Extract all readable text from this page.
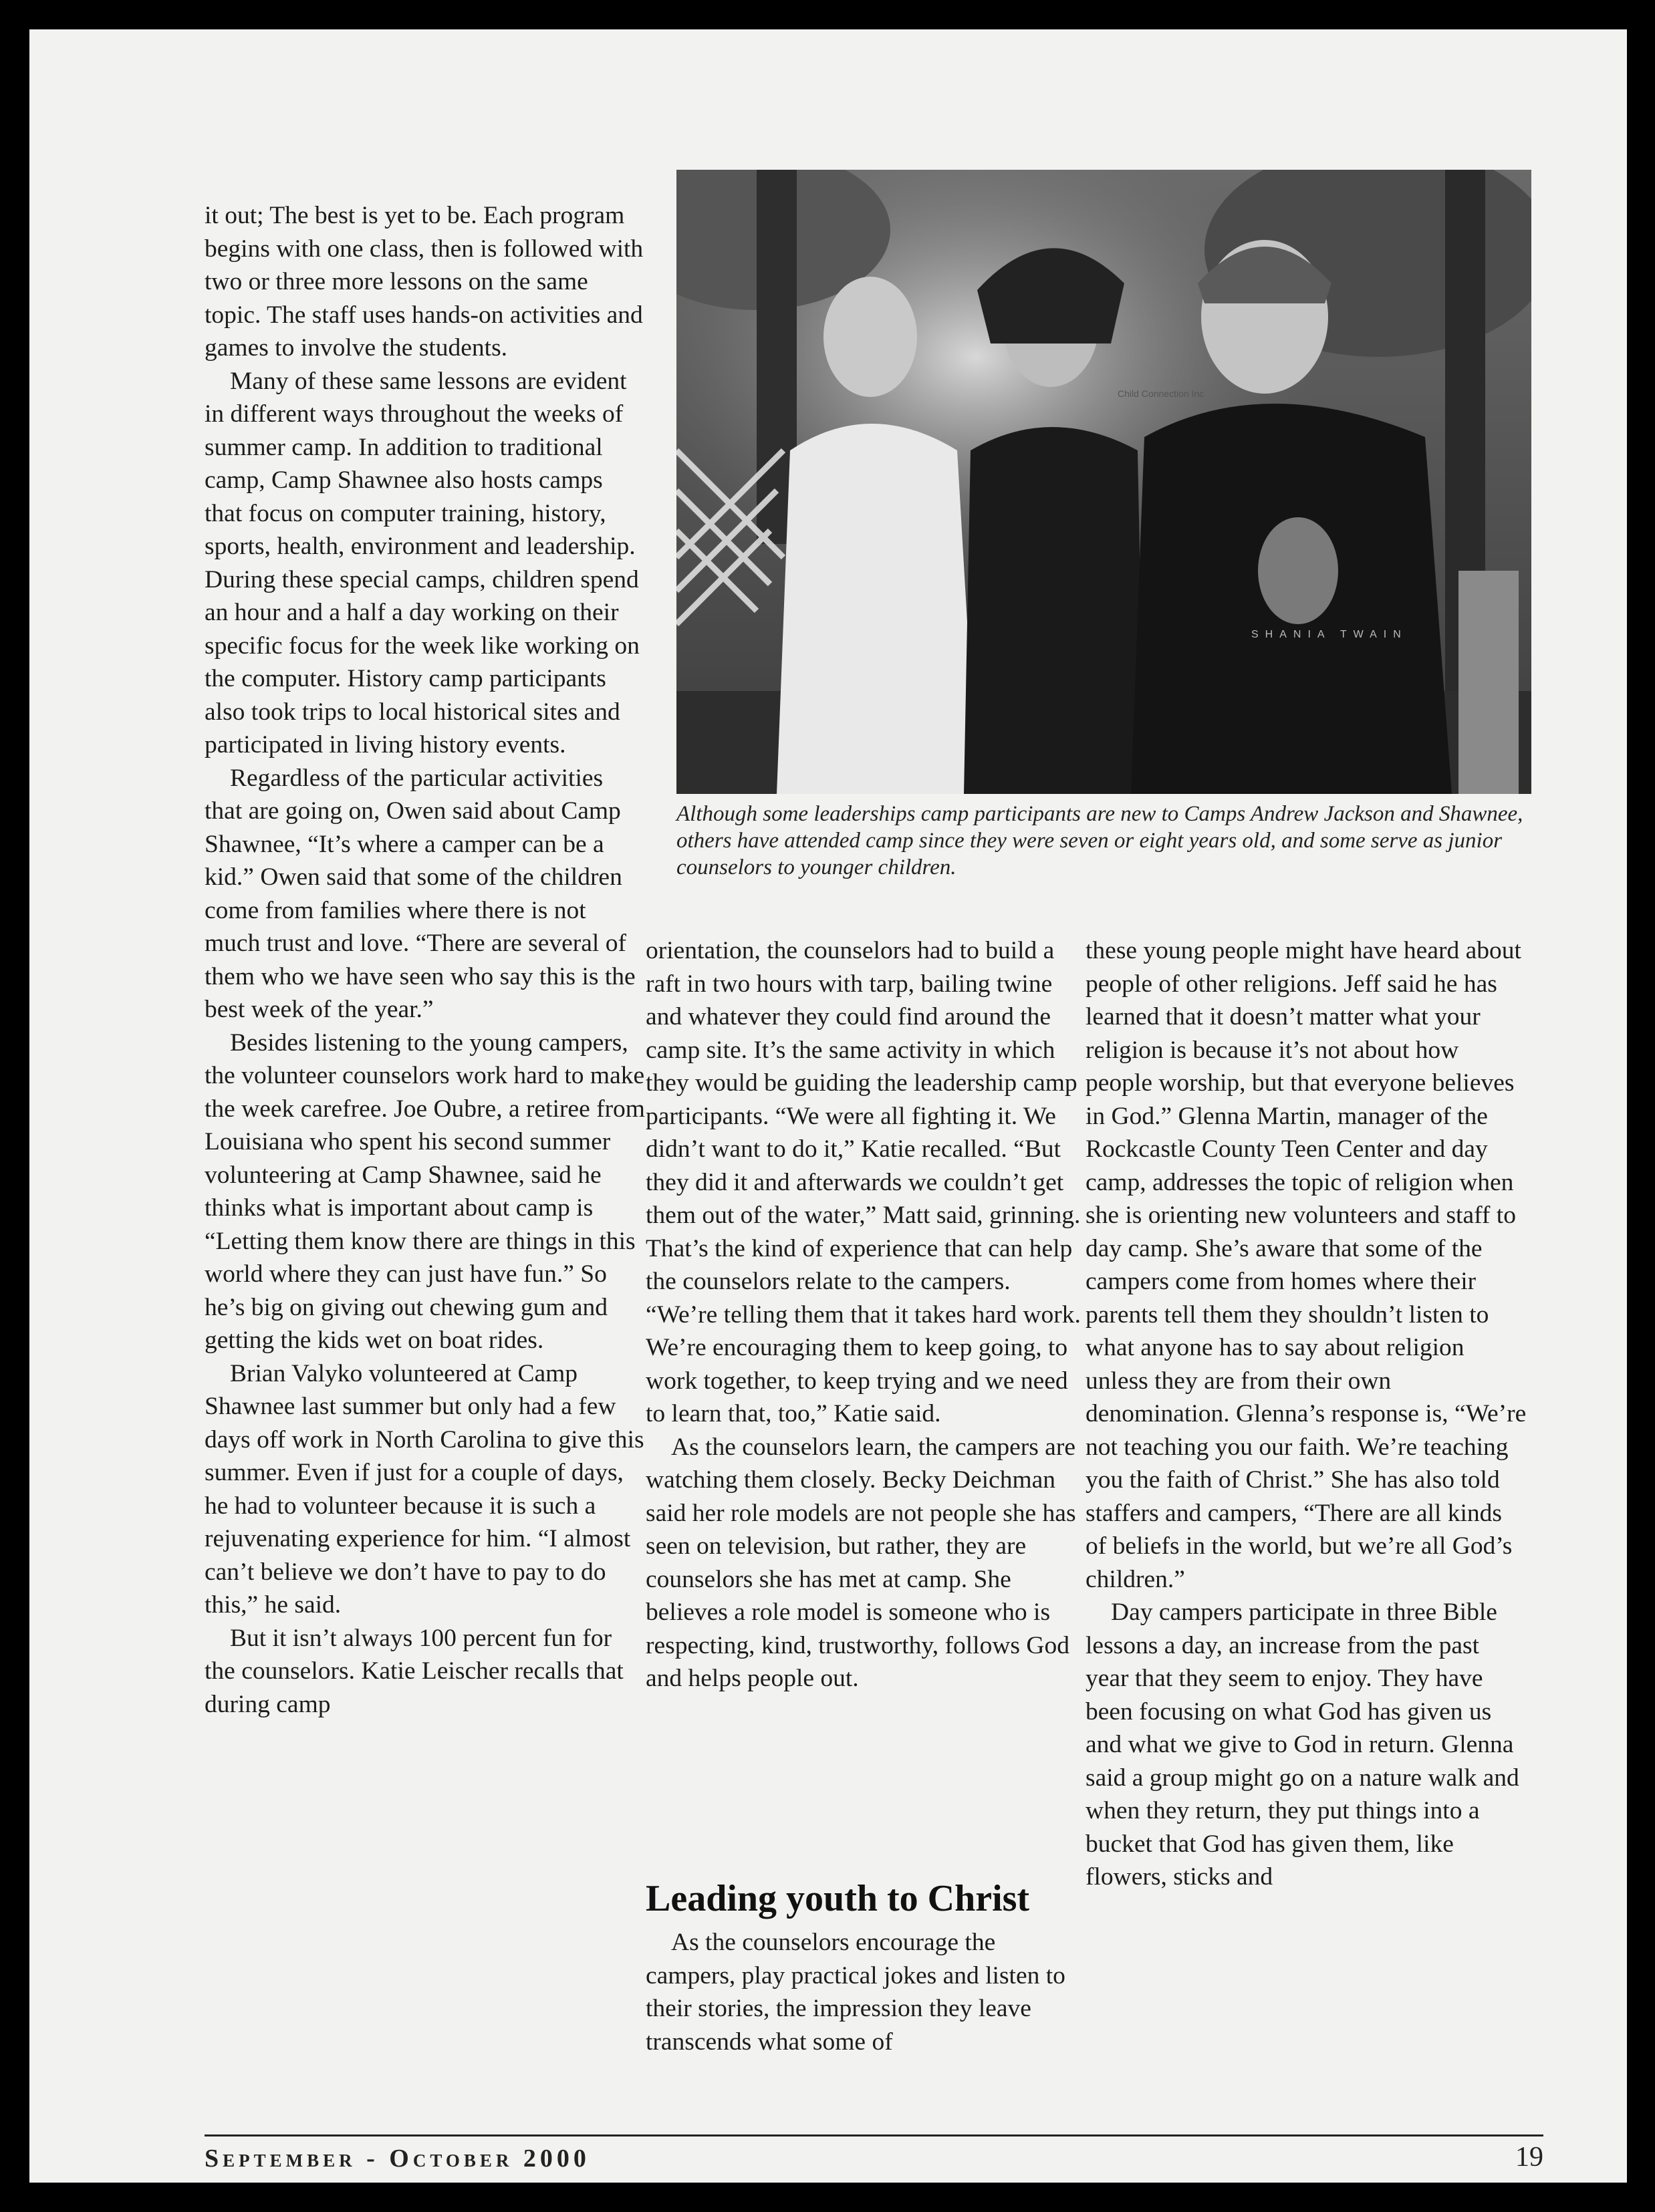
it out; The best is yet to be. Each program begins with one class, then is followed with two or three more lessons on the same topic. The staff uses hands-on activities and games to involve the students.

Many of these same lessons are evident in different ways throughout the weeks of summer camp. In addition to traditional camp, Camp Shawnee also hosts camps that focus on computer training, history, sports, health, environment and leadership. During these special camps, children spend an hour and a half a day working on their specific focus for the week like working on the computer. History camp participants also took trips to local historical sites and participated in living history events.

Regardless of the particular activities that are going on, Owen said about Camp Shawnee, “It’s where a camper can be a kid.” Owen said that some of the children come from families where there is not much trust and love. “There are several of them who we have seen who say this is the best week of the year.”

Besides listening to the young campers, the volunteer counselors work hard to make the week carefree. Joe Oubre, a retiree from Louisiana who spent his second summer volunteering at Camp Shawnee, said he thinks what is important about camp is “Letting them know there are things in this world where they can just have fun.” So he’s big on giving out chewing gum and getting the kids wet on boat rides.

Brian Valyko volunteered at Camp Shawnee last summer but only had a few days off work in North Carolina to give this summer. Even if just for a couple of days, he had to volunteer because it is such a rejuvenating experience for him. “I almost can’t believe we don’t have to pay to do this,” he said.

But it isn’t always 100 percent fun for the counselors. Katie Leischer recalls that during camp

Child Connection Inc
SHANIA TWAIN
Although some leaderships camp participants are new to Camps Andrew Jackson and Shawnee, others have attended camp since they were seven or eight years old, and some serve as junior counselors to younger children.

orientation, the counselors had to build a raft in two hours with tarp, bailing twine and whatever they could find around the camp site. It’s the same activity in which they would be guiding the leadership camp participants. “We were all fighting it. We didn’t want to do it,” Katie recalled. “But they did it and afterwards we couldn’t get them out of the water,” Matt said, grinning. That’s the kind of experience that can help the counselors relate to the campers. “We’re telling them that it takes hard work. We’re encouraging them to keep going, to work together, to keep trying and we need to learn that, too,” Katie said.

As the counselors learn, the campers are watching them closely. Becky Deichman said her role models are not people she has seen on television, but rather, they are counselors she has met at camp. She believes a role model is someone who is respecting, kind, trustworthy, follows God and helps people out.

Leading youth to Christ

As the counselors encourage the campers, play practical jokes and listen to their stories, the impression they leave transcends what some of

these young people might have heard about people of other religions. Jeff said he has learned that it doesn’t matter what your religion is because it’s not about how people worship, but that everyone believes in God.” Glenna Martin, manager of the Rockcastle County Teen Center and day camp, addresses the topic of religion when she is orienting new volunteers and staff to day camp. She’s aware that some of the campers come from homes where their parents tell them they shouldn’t listen to what anyone has to say about religion unless they are from their own denomination. Glenna’s response is, “We’re not teaching you our faith. We’re teaching you the faith of Christ.” She has also told staffers and campers, “There are all kinds of beliefs in the world, but we’re all God’s children.”

Day campers participate in three Bible lessons a day, an increase from the past year that they seem to enjoy. They have been focusing on what God has given us and what we give to God in return. Glenna said a group might go on a nature walk and when they return, they put things into a bucket that God has given them, like flowers, sticks and

September - October 2000	19
